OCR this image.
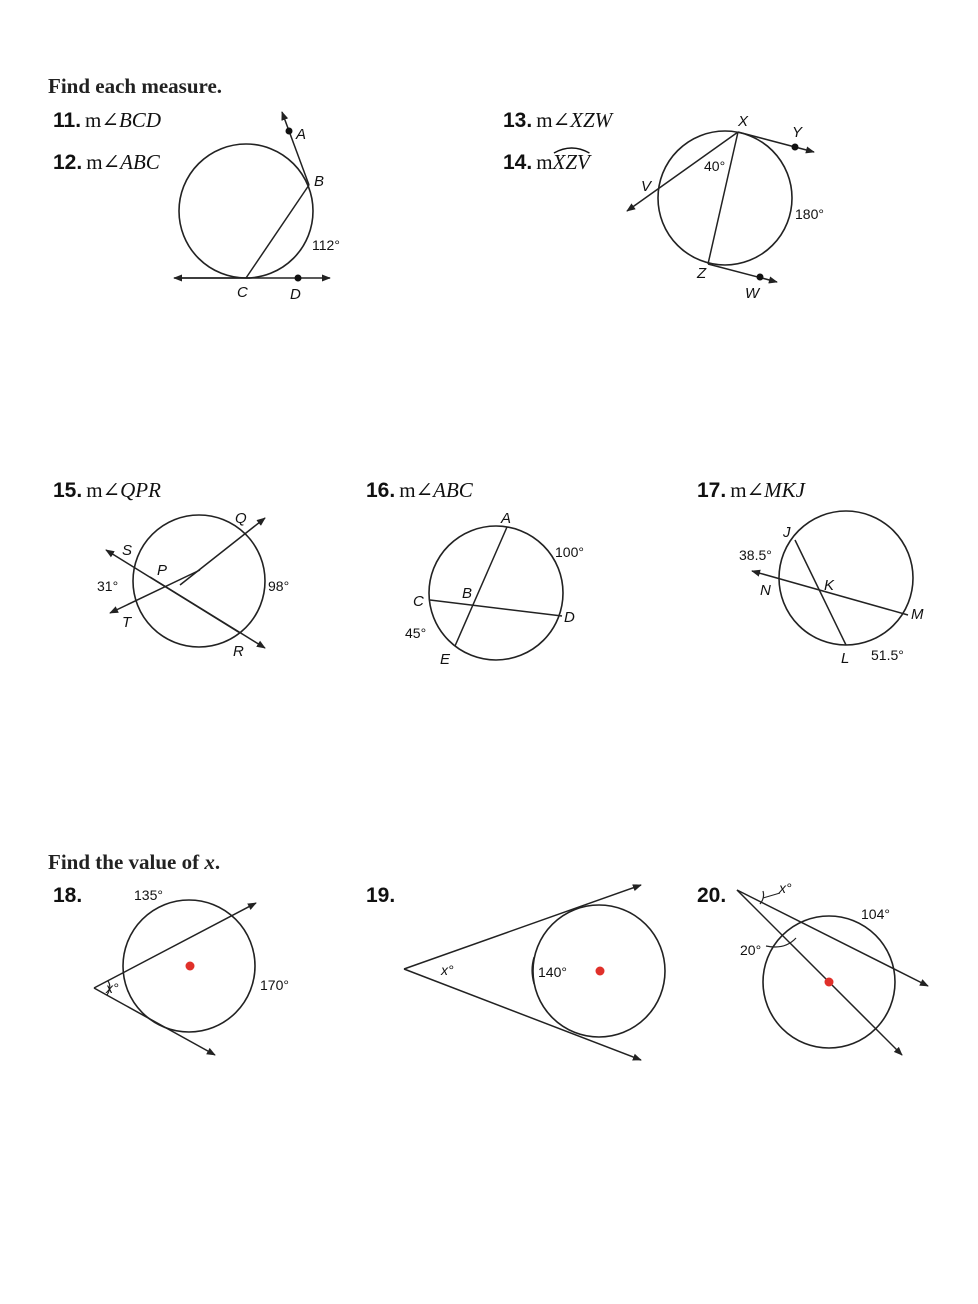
Find each measure.
Find the value of x.
11. m∠BCD
12. m∠ABC
13. m∠XZW
14. m
XZV
15. m∠QPR	16. m∠ABC	17. m∠MKJ
18.	19.	20.
A
B
C	D
112°
X
Y
V
Z
W
40°
180°
Q
S
P
T
R
31°	98°
A
B
C
D
E
100°
45°
J
K
N
M
L
38.5°
51.5°
135°
170°
x°
x°	140°
x°
20°
104°
